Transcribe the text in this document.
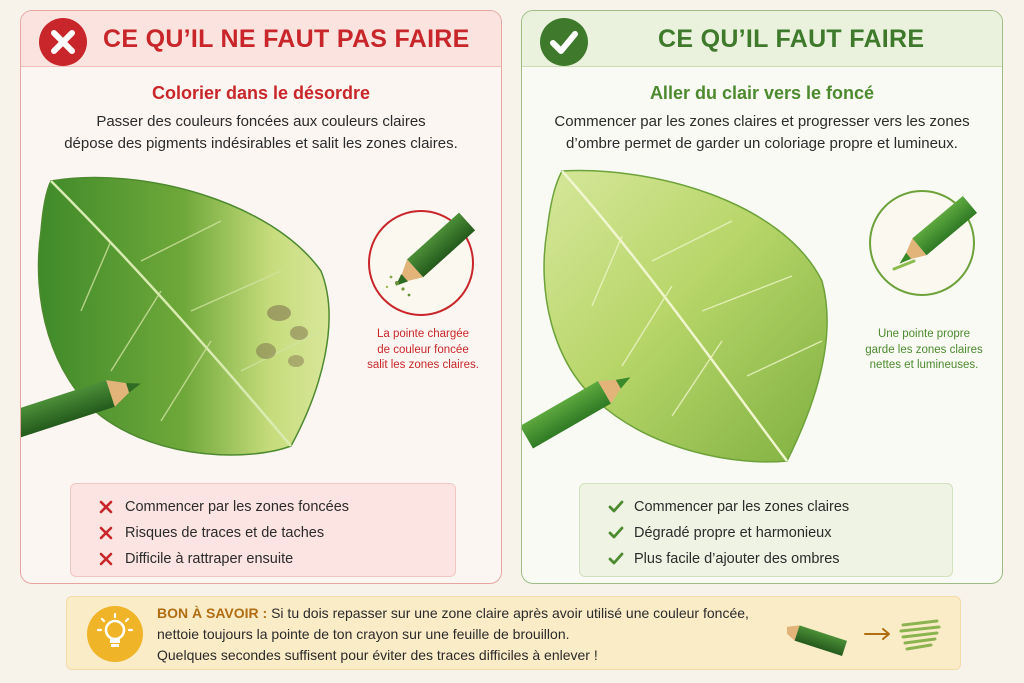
CE QU’IL NE FAUT PAS FAIRE
Colorier dans le désordre
Passer des couleurs foncées aux couleurs claires
dépose des pigments indésirables et salit les zones claires.
La pointe chargée
de couleur foncée
salit les zones claires.
Commencer par les zones foncées
Risques de traces et de taches
Difficile à rattraper ensuite
CE QU’IL FAUT FAIRE
Aller du clair vers le foncé
Commencer par les zones claires et progresser vers les zones
d’ombre permet de garder un coloriage propre et lumineux.
Une pointe propre
garde les zones claires
nettes et lumineuses.
Commencer par les zones claires
Dégradé propre et harmonieux
Plus facile d’ajouter des ombres
BON À SAVOIR : Si tu dois repasser sur une zone claire après avoir utilisé une couleur foncée,
nettoie toujours la pointe de ton crayon sur une feuille de brouillon.
Quelques secondes suffisent pour éviter des traces difficiles à enlever !
